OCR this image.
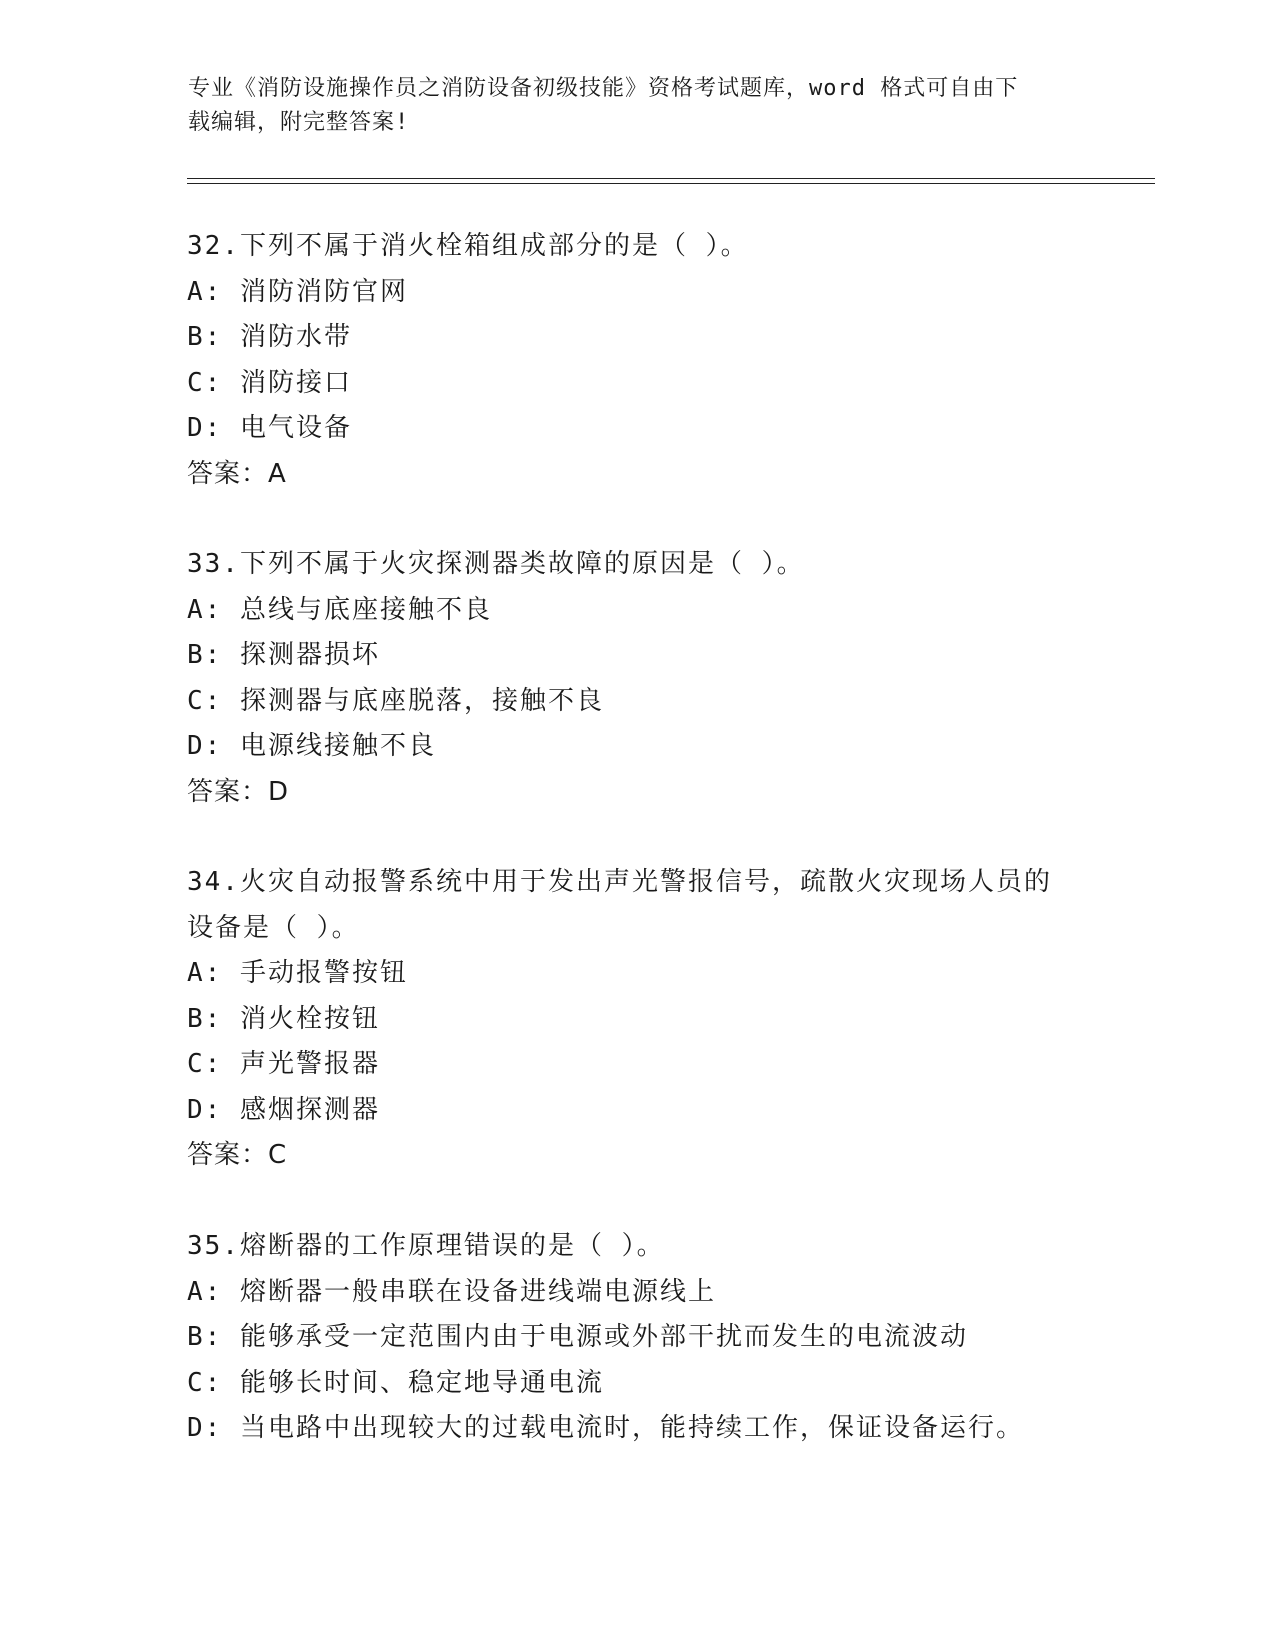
专业《消防设施操作员之消防设备初级技能》资格考试题库，word 格式可自由下
载编辑，附完整答案!
32.下列不属于消火栓箱组成部分的是（ ）。
A: 消防消防官网
B: 消防水带
C: 消防接口
D: 电气设备
答案：A
33.下列不属于火灾探测器类故障的原因是（ ）。
A: 总线与底座接触不良
B: 探测器损坏
C: 探测器与底座脱落，接触不良
D: 电源线接触不良
答案：D
34.火灾自动报警系统中用于发出声光警报信号，疏散火灾现场人员的
设备是（ ）。
A: 手动报警按钮
B: 消火栓按钮
C: 声光警报器
D: 感烟探测器
答案：C
35.熔断器的工作原理错误的是（ ）。
A: 熔断器一般串联在设备进线端电源线上
B: 能够承受一定范围内由于电源或外部干扰而发生的电流波动
C: 能够长时间、稳定地导通电流
D: 当电路中出现较大的过载电流时，能持续工作，保证设备运行。
